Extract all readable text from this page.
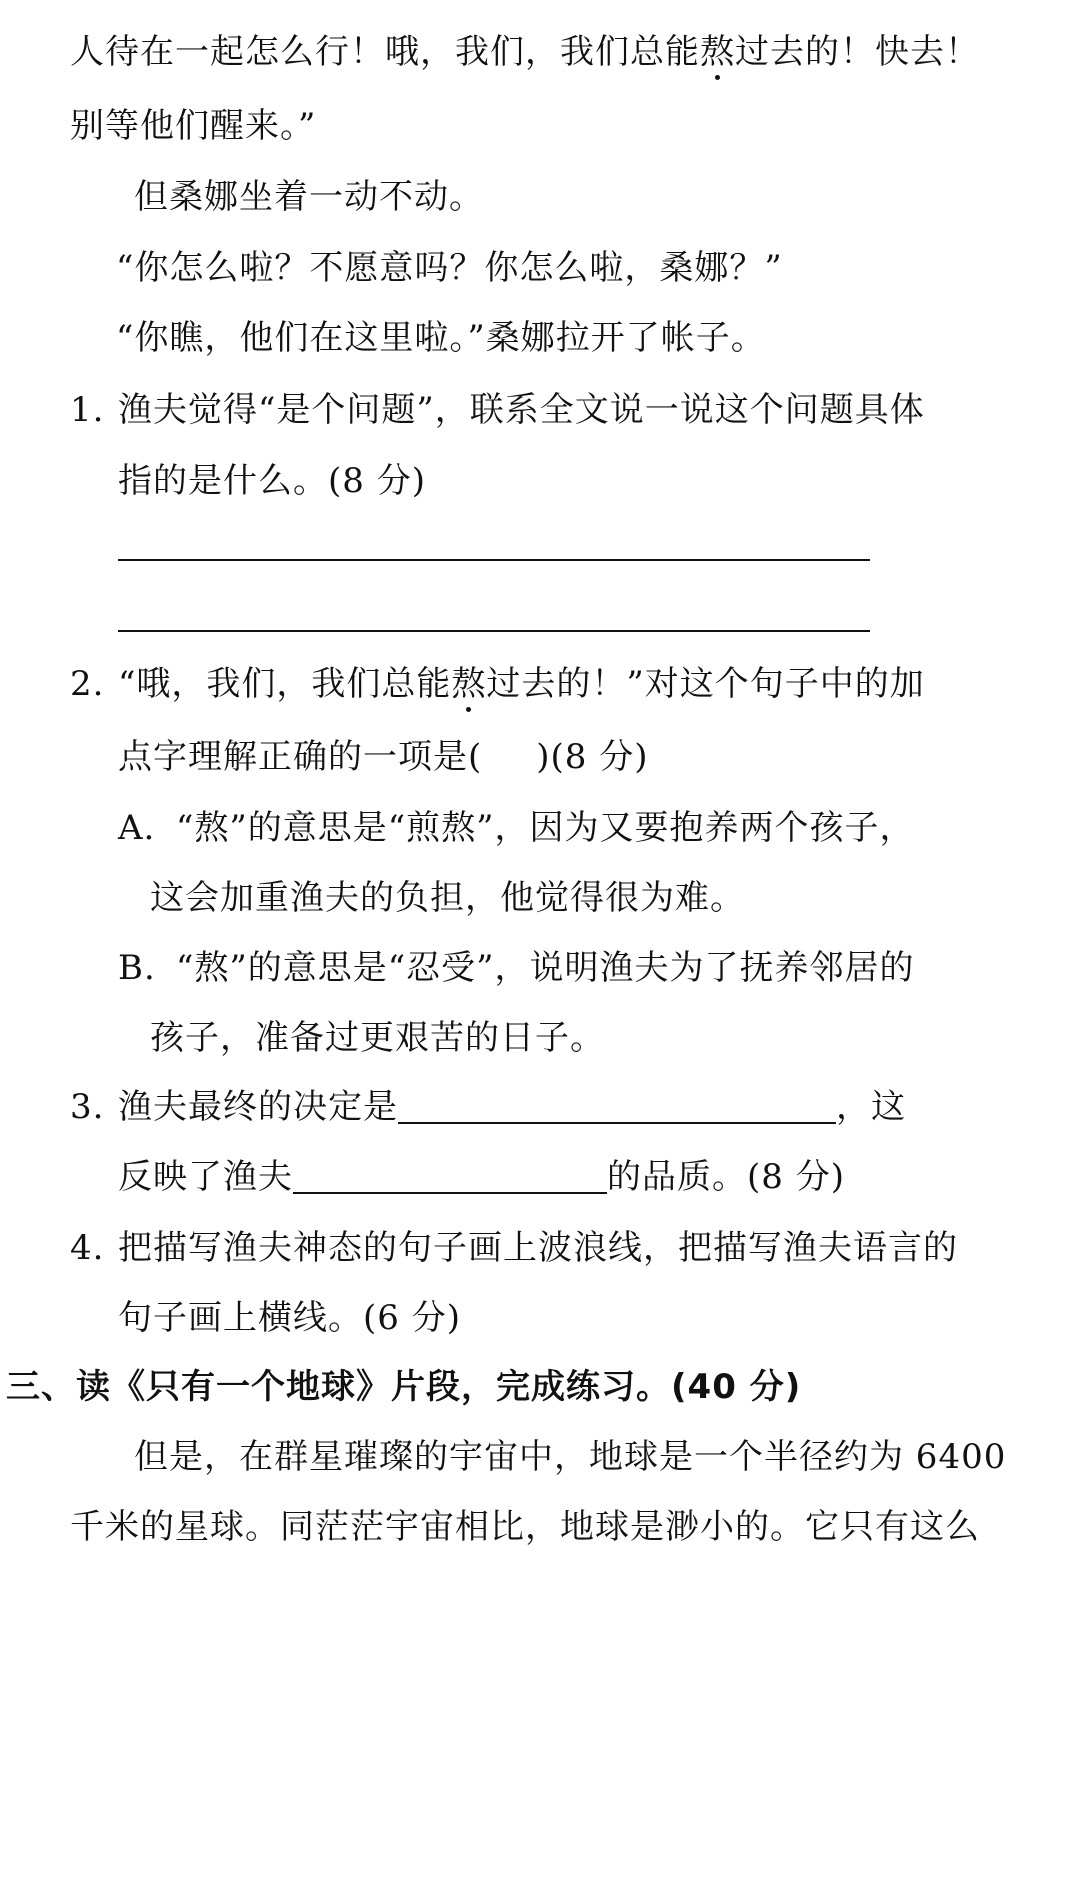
人待在一起怎么行！哦，我们，我们总能熬过去的！快去！
别等他们醒来。”
但桑娜坐着一动不动。
“你怎么啦？不愿意吗？你怎么啦，桑娜？”
“你瞧，他们在这里啦。”桑娜拉开了帐子。
1. 渔夫觉得“是个问题”，联系全文说一说这个问题具体
指的是什么。(8 分)
2. “哦，我们，我们总能熬过去的！”对这个句子中的加
点字理解正确的一项是( )(8 分)
A. “熬”的意思是“煎熬”，因为又要抱养两个孩子，
这会加重渔夫的负担，他觉得很为难。
B. “熬”的意思是“忍受”，说明渔夫为了抚养邻居的
孩子，准备过更艰苦的日子。
3. 渔夫最终的决定是	，这
反映了渔夫	的品质。(8 分)
4. 把描写渔夫神态的句子画上波浪线，把描写渔夫语言的
句子画上横线。(6 分)
三、读《只有一个地球》片段，完成练习。(40 分)
但是，在群星璀璨的宇宙中，地球是一个半径约为 6400
千米的星球。同茫茫宇宙相比，地球是渺小的。它只有这么
